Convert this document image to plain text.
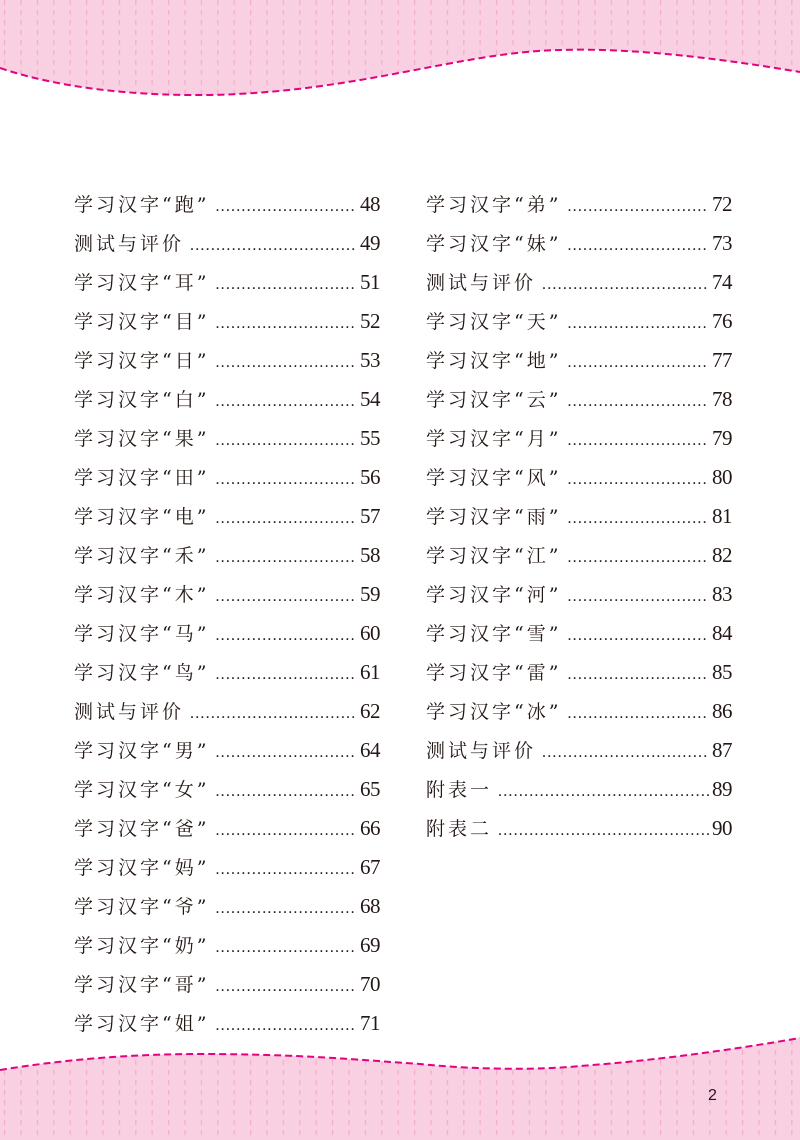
学习汉字“跑” .....	48
测试与评价 .....	49
学习汉字“耳” .....	51
学习汉字“目” .....	52
学习汉字“日” .....	53
学习汉字“白” .....	54
学习汉字“果” .....	55
学习汉字“田” .....	56
学习汉字“电” .....	57
学习汉字“禾” .....	58
学习汉字“木” .....	59
学习汉字“马” .....	60
学习汉字“鸟” .....	61
测试与评价 .....	62
学习汉字“男” .....	64
学习汉字“女” .....	65
学习汉字“爸” .....	66
学习汉字“妈” .....	67
学习汉字“爷” .....	68
学习汉字“奶” .....	69
学习汉字“哥” .....	70
学习汉字“姐” .....	71
学习汉字“弟” .....	72
学习汉字“妹” .....	73
测试与评价 .....	74
学习汉字“天” .....	76
学习汉字“地” .....	77
学习汉字“云” .....	78
学习汉字“月” .....	79
学习汉字“风” .....	80
学习汉字“雨” .....	81
学习汉字“江” .....	82
学习汉字“河” .....	83
学习汉字“雪” .....	84
学习汉字“雷” .....	85
学习汉字“冰” .....	86
测试与评价 .....	87
附表一 .....	89
附表二 .....	90
2
